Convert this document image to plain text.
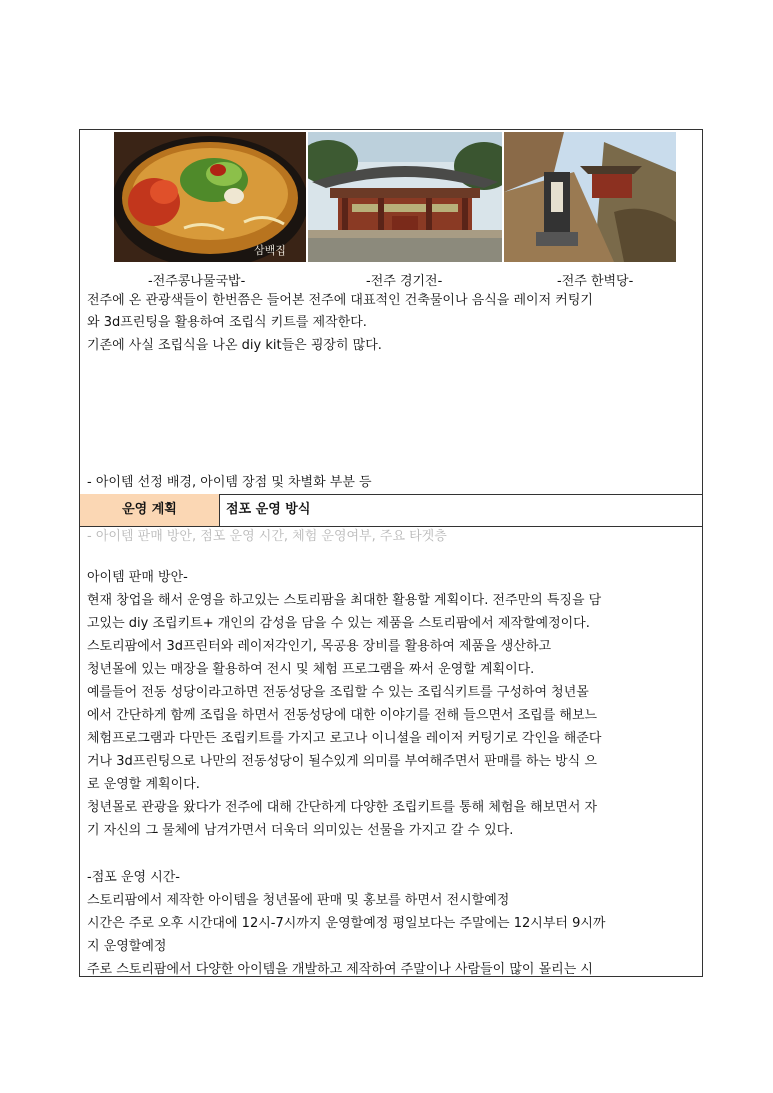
삼백집
-전주콩나물국밥-	-전주 경기전-	-전주 한벽당-
전주에 온 관광색들이 한번쯤은 들어본 전주에 대표적인 건축물이나 음식을 레이저 커팅기
와 3d프린팅을 활용하여 조립식 키트를 제작한다.
기존에 사실 조립식을 나온 diy kit들은 굉장히 많다.
- 아이템 선정 배경, 아이템 장점 및 차별화 부분 등
운영 계획	점포 운영 방식
- 아이템 판매 방안, 점포 운영 시간, 체험 운영여부, 주요 타겟층
아이템 판매 방안-
현재 창업을 해서 운영을 하고있는 스토리팜을 최대한 활용할 계획이다. 전주만의 특징을 담
고있는 diy 조립키트+ 개인의 감성을 담을 수 있는 제품을 스토리팜에서 제작할예정이다.
스토리팜에서 3d프린터와 레이저각인기, 목공용 장비를 활용하여 제품을 생산하고
청년몰에 있는 매장을 활용하여 전시 및 체험 프로그램을 짜서 운영할 계획이다.
예를들어 전동 성당이라고하면 전동성당을 조립할 수 있는 조립식키트를 구성하여 청년몰
에서 간단하게 함께 조립을 하면서 전동성당에 대한 이야기를 전해 들으면서 조립를 해보느
체험프로그램과 다만든 조립키트를 가지고 로고나 이니셜을 레이저 커팅기로 각인을 해준다
거나 3d프린팅으로 나만의 전동성당이 될수있게 의미를 부여해주면서 판매를 하는 방식 으
로 운영할 계획이다.
청년몰로 관광을 왔다가 전주에 대해 간단하게 다양한 조립키트를 통해 체험을 해보면서 자
기 자신의 그 물체에 남겨가면서 더욱더 의미있는 선물을 가지고 갈 수 있다.
-점포 운영 시간-
스토리팜에서 제작한 아이템을 청년몰에 판매 및 홍보를 하면서 전시할예정
시간은 주로 오후 시간대에 12시-7시까지 운영할예정 평일보다는 주말에는 12시부터 9시까
지 운영할예정
주로 스토리팜에서 다양한 아이템을 개발하고 제작하여 주말이나 사람들이 많이 몰리는 시
